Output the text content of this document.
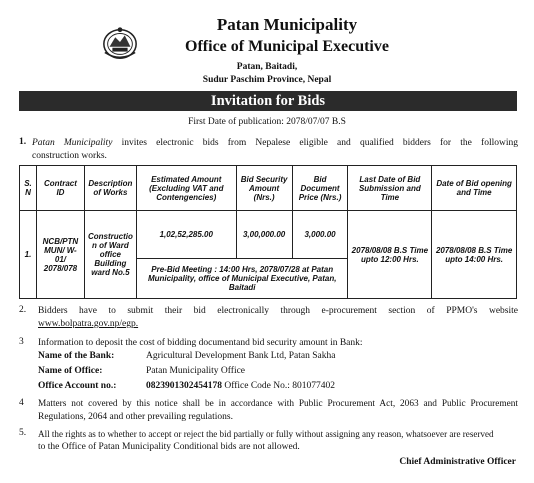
Patan Municipality
Office of Municipal Executive
Patan, Baitadi,
Sudur Paschim Province, Nepal
Invitation for Bids
First Date of publication: 2078/07/07 B.S
1. Patan Municipality invites electronic bids from Nepalese eligible and qualified bidders for the following
construction works.
S. N	Contract ID	Description of Works	Estimated Amount (Excluding VAT and Contengencies)	Bid Security Amount (Nrs.)	Bid Document Price (Nrs.)	Last Date of Bid Submission and Time	Date of Bid opening and Time
1.	NCB/PTN MUN/ W-01/ 2078/078	Constructio n of Ward office Building ward No.5	1,02,52,285.00	3,00,000.00	3,000.00	2078/08/08 B.S Time upto 12:00 Hrs.	2078/08/08 B.S Time upto 14:00 Hrs.
			Pre-Bid Meeting : 14:00 Hrs, 2078/07/28 at Patan Municipality, office of Municipal Executive, Patan, Baitadi				
2. Bidders have to submit their bid electronically through e-procurement section of PPMO's website
www.bolpatra.gov.np/egp.
3 Information to deposit the cost of bidding documentand bid security amount in Bank:
Name of the Bank:	Agricultural Development Bank Ltd, Patan Sakha
Name of Office:	Patan Municipality Office
Office Account no.:	0823901302454178 Office Code No.: 801077402
4 Matters not covered by this notice shall be in accordance with Public Procurement Act, 2063 and Public Procurement
Regulations, 2064 and other prevailing regulations.
5. All the rights as to whether to accept or reject the bid partially or fully without assigning any reason, whatsoever are reserved
to the Office of Patan Municipality Conditional bids are not allowed.
Chief Administrative Officer
